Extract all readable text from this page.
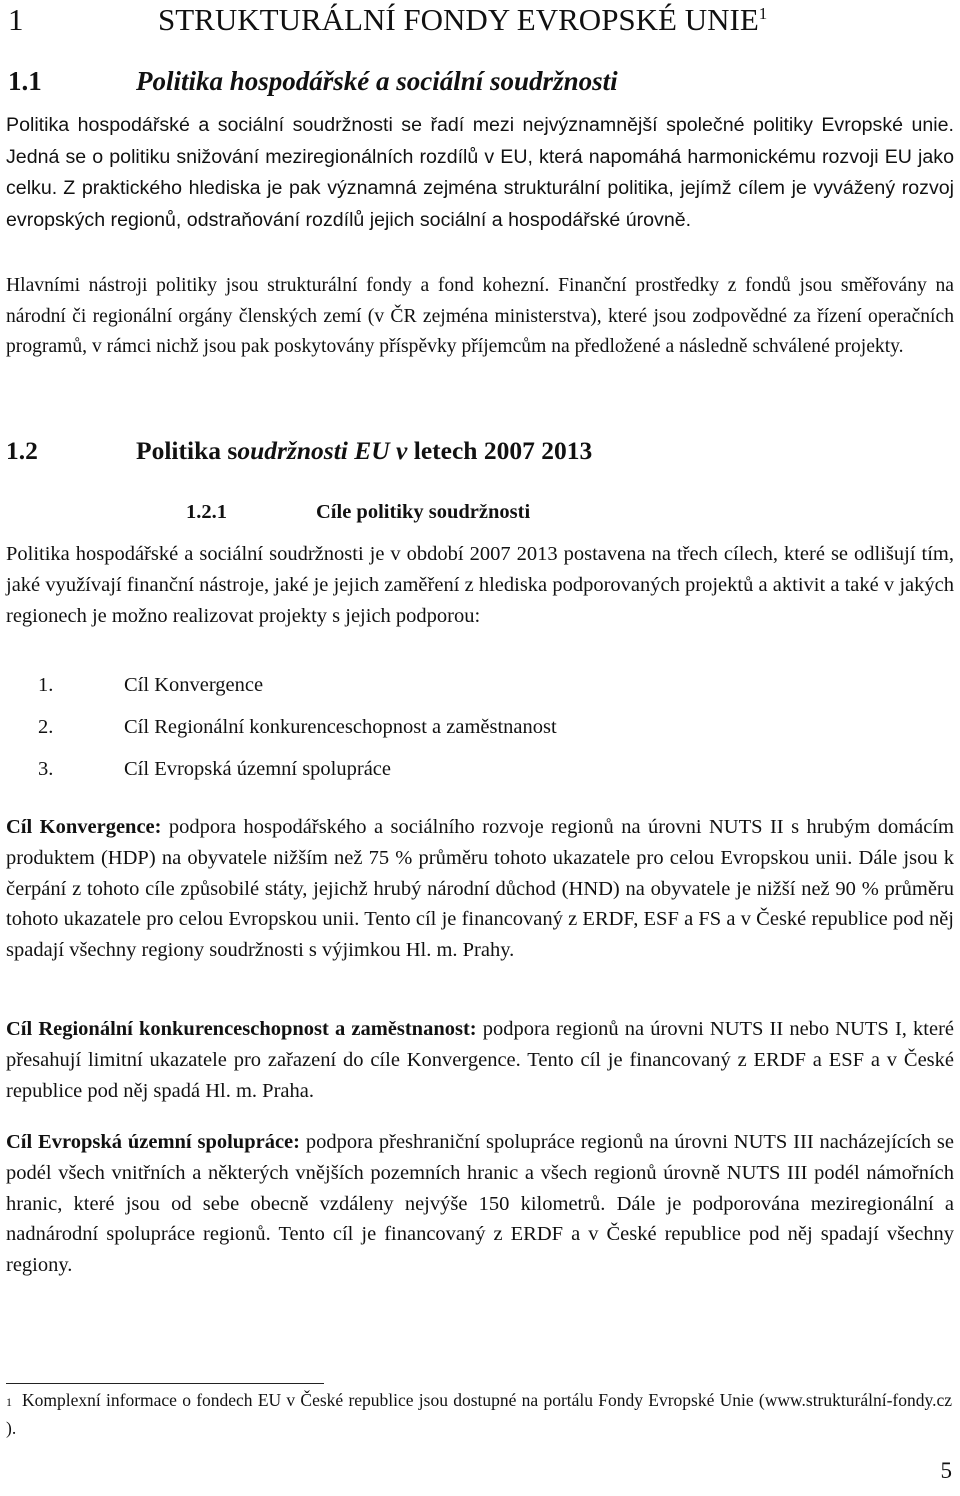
1	STRUKTURÁLNÍ FONDY EVROPSKÉ UNIE$^1$
1.1	Politika hospodářské a sociální soudržnosti
Politika hospodářské a sociální soudržnosti se řadí mezi nejvýznamnější společné politiky Evropské unie. Jedná se o politiku snižování meziregionálních rozdílů v EU, která napomáhá harmonickému rozvoji EU jako celku. Z praktického hlediska je pak významná zejména strukturální politika, jejímž cílem je vyvážený rozvoj evropských regionů, odstraňování rozdílů jejich sociální a hospodářské úrovně.
Hlavními nástroji politiky jsou strukturální fondy a fond kohezní. Finanční prostředky z fondů jsou směřovány na národní či regionální orgány členských zemí (v ČR zejména ministerstva), které jsou zodpovědné za řízení operačních programů, v rámci nichž jsou pak poskytovány příspěvky příjemcům na předložené a následně schválené projekty.
1.2	Politika soudržnosti EU v letech 2007 2013
1.2.1	Cíle politiky soudržnosti
Politika hospodářské a sociální soudržnosti je v období 2007 2013 postavena na třech cílech, které se odlišují tím, jaké využívají finanční nástroje, jaké je jejich zaměření z hlediska podporovaných projektů a aktivit a také v jakých regionech je možno realizovat projekty s jejich podporou:
1.	Cíl Konvergence
2.	Cíl Regionální konkurenceschopnost a zaměstnanost
3.	Cíl Evropská územní spolupráce
Cíl Konvergence: podpora hospodářského a sociálního rozvoje regionů na úrovni NUTS II s hrubým domácím produktem (HDP) na obyvatele nižším než 75 % průměru tohoto ukazatele pro celou Evropskou unii. Dále jsou k čerpání z tohoto cíle způsobilé státy, jejichž hrubý národní důchod (HND) na obyvatele je nižší než 90 % průměru tohoto ukazatele pro celou Evropskou unii. Tento cíl je financovaný z ERDF, ESF a FS a v České republice pod něj spadají všechny regiony soudržnosti s výjimkou Hl. m. Prahy.
Cíl Regionální konkurenceschopnost a zaměstnanost: podpora regionů na úrovni NUTS II nebo NUTS I, které přesahují limitní ukazatele pro zařazení do cíle Konvergence. Tento cíl je financovaný z ERDF a ESF a v České republice pod něj spadá Hl. m. Praha.
Cíl Evropská územní spolupráce: podpora přeshraniční spolupráce regionů na úrovni NUTS III nacházejících se podél všech vnitřních a některých vnějších pozemních hranic a všech regionů úrovně NUTS III podél námořních hranic, které jsou od sebe obecně vzdáleny nejvýše 150 kilometrů. Dále je podporována meziregionální a nadnárodní spolupráce regionů. Tento cíl je financovaný z ERDF a v České republice pod něj spadají všechny regiony.
$^1$ Komplexní informace o fondech EU v České republice jsou dostupné na portálu Fondy Evropské Unie (www.strukturální-fondy.cz ).
5
